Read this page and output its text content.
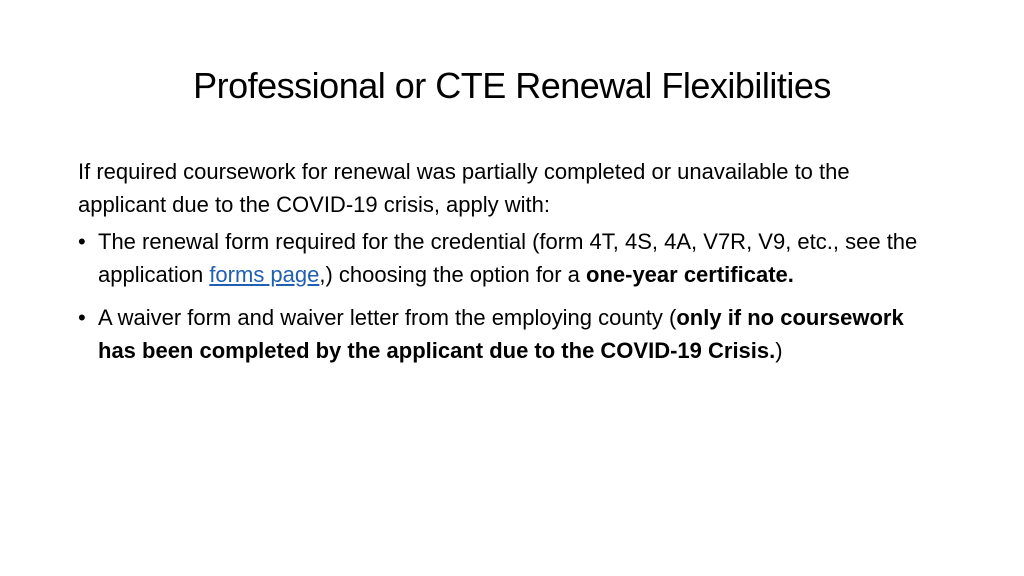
Professional or CTE Renewal Flexibilities

If required coursework for renewal was partially completed or unavailable to the applicant due to the COVID-19 crisis, apply with:

• The renewal form required for the credential (form 4T, 4S, 4A, V7R, V9, etc., see the application forms page,) choosing the option for a one-year certificate.
• A waiver form and waiver letter from the employing county (only if no coursework has been completed by the applicant due to the COVID-19 Crisis.)
